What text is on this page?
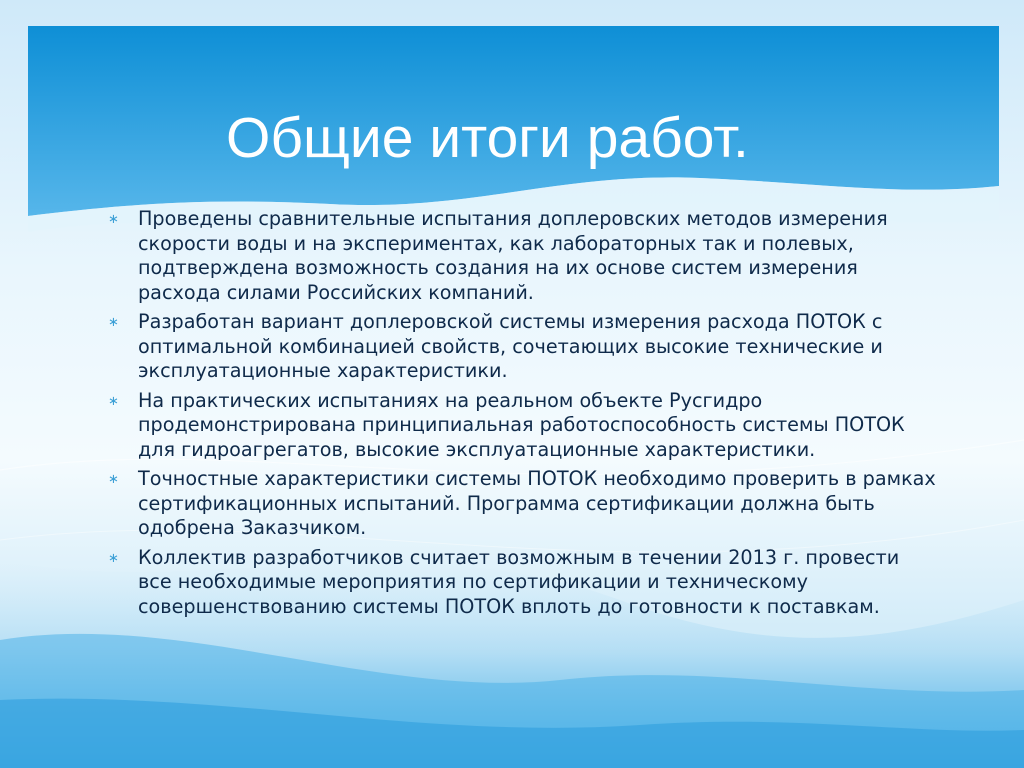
Общие итоги работ.
∗ Проведены сравнительные испытания доплеровских методов измерения скорости воды и на экспериментах, как лабораторных так и полевых, подтверждена возможность создания на их основе систем измерения расхода силами Российских компаний.
∗ Разработан вариант доплеровской системы измерения расхода ПОТОК с оптимальной комбинацией свойств, сочетающих высокие технические и эксплуатационные характеристики.
∗ На практических испытаниях на реальном объекте Русгидро продемонстрирована принципиальная работоспособность системы ПОТОК  для гидроагрегатов, высокие эксплуатационные характеристики.
∗ Точностные характеристики системы ПОТОК необходимо проверить в рамках сертификационных испытаний. Программа сертификации должна быть одобрена Заказчиком.
∗ Коллектив разработчиков считает возможным в течении 2013 г. провести все необходимые мероприятия по сертификации и техническому совершенствованию системы ПОТОК вплоть до готовности к поставкам.
